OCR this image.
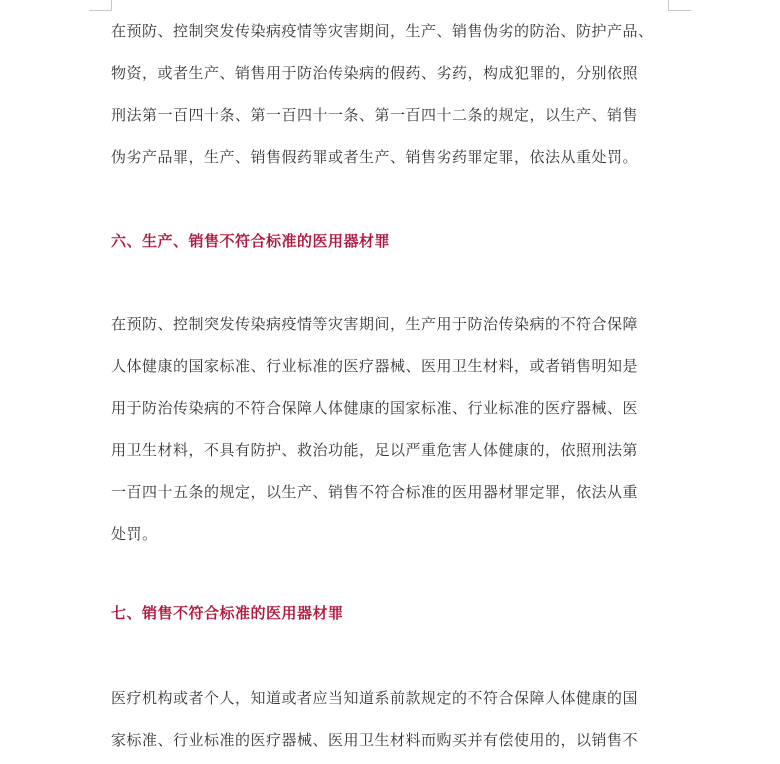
在预防、控制突发传染病疫情等灾害期间，生产、销售伪劣的防治、防护产品、
物资，或者生产、销售用于防治传染病的假药、劣药，构成犯罪的，分别依照
刑法第一百四十条、第一百四十一条、第一百四十二条的规定，以生产、销售
伪劣产品罪，生产、销售假药罪或者生产、销售劣药罪定罪，依法从重处罚。
六、生产、销售不符合标准的医用器材罪
在预防、控制突发传染病疫情等灾害期间，生产用于防治传染病的不符合保障
人体健康的国家标准、行业标准的医疗器械、医用卫生材料，或者销售明知是
用于防治传染病的不符合保障人体健康的国家标准、行业标准的医疗器械、医
用卫生材料，不具有防护、救治功能，足以严重危害人体健康的，依照刑法第
一百四十五条的规定，以生产、销售不符合标准的医用器材罪定罪，依法从重
处罚。
七、销售不符合标准的医用器材罪
医疗机构或者个人，知道或者应当知道系前款规定的不符合保障人体健康的国
家标准、行业标准的医疗器械、医用卫生材料而购买并有偿使用的，以销售不
